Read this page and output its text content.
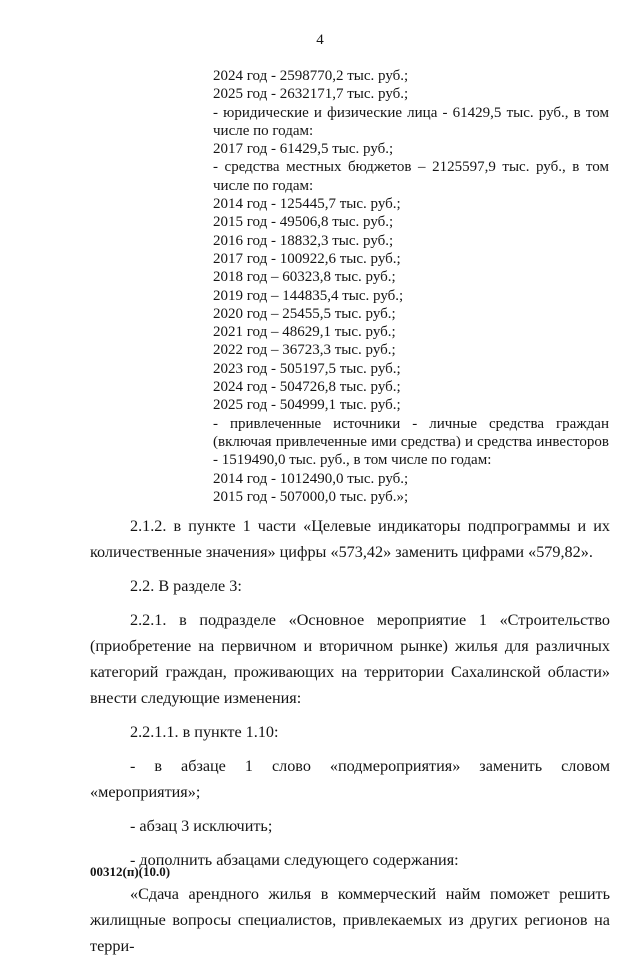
4
2024 год - 2598770,2 тыс. руб.;
2025 год - 2632171,7 тыс. руб.;
- юридические и физические лица - 61429,5 тыс. руб., в том числе по годам:
2017 год - 61429,5 тыс. руб.;
- средства местных бюджетов – 2125597,9 тыс. руб., в том числе по годам:
2014 год - 125445,7 тыс. руб.;
2015 год - 49506,8 тыс. руб.;
2016 год - 18832,3 тыс. руб.;
2017 год - 100922,6 тыс. руб.;
2018 год – 60323,8 тыс. руб.;
2019 год – 144835,4 тыс. руб.;
2020 год – 25455,5 тыс. руб.;
2021 год – 48629,1 тыс. руб.;
2022 год – 36723,3 тыс. руб.;
2023 год - 505197,5 тыс. руб.;
2024 год - 504726,8 тыс. руб.;
2025 год - 504999,1 тыс. руб.;
- привлеченные источники - личные средства граждан (включая привлеченные ими средства) и средства инвесторов - 1519490,0 тыс. руб., в том числе по годам:
2014 год - 1012490,0 тыс. руб.;
2015 год - 507000,0 тыс. руб.»;

2.1.2. в пункте 1 части «Целевые индикаторы подпрограммы и их количественные значения» цифры «573,42» заменить цифрами «579,82».

2.2. В разделе 3:

2.2.1. в подразделе «Основное мероприятие 1 «Строительство (приобретение на первичном и вторичном рынке) жилья для различных категорий граждан, проживающих на территории Сахалинской области» внести следующие изменения:

2.2.1.1. в пункте 1.10:

- в абзаце 1 слово «подмероприятия» заменить словом «мероприятия»;

- абзац 3 исключить;

- дополнить абзацами следующего содержания:

«Сдача арендного жилья в коммерческий найм поможет решить жилищные вопросы специалистов, привлекаемых из других регионов на терри-

00312(п)(10.0)
